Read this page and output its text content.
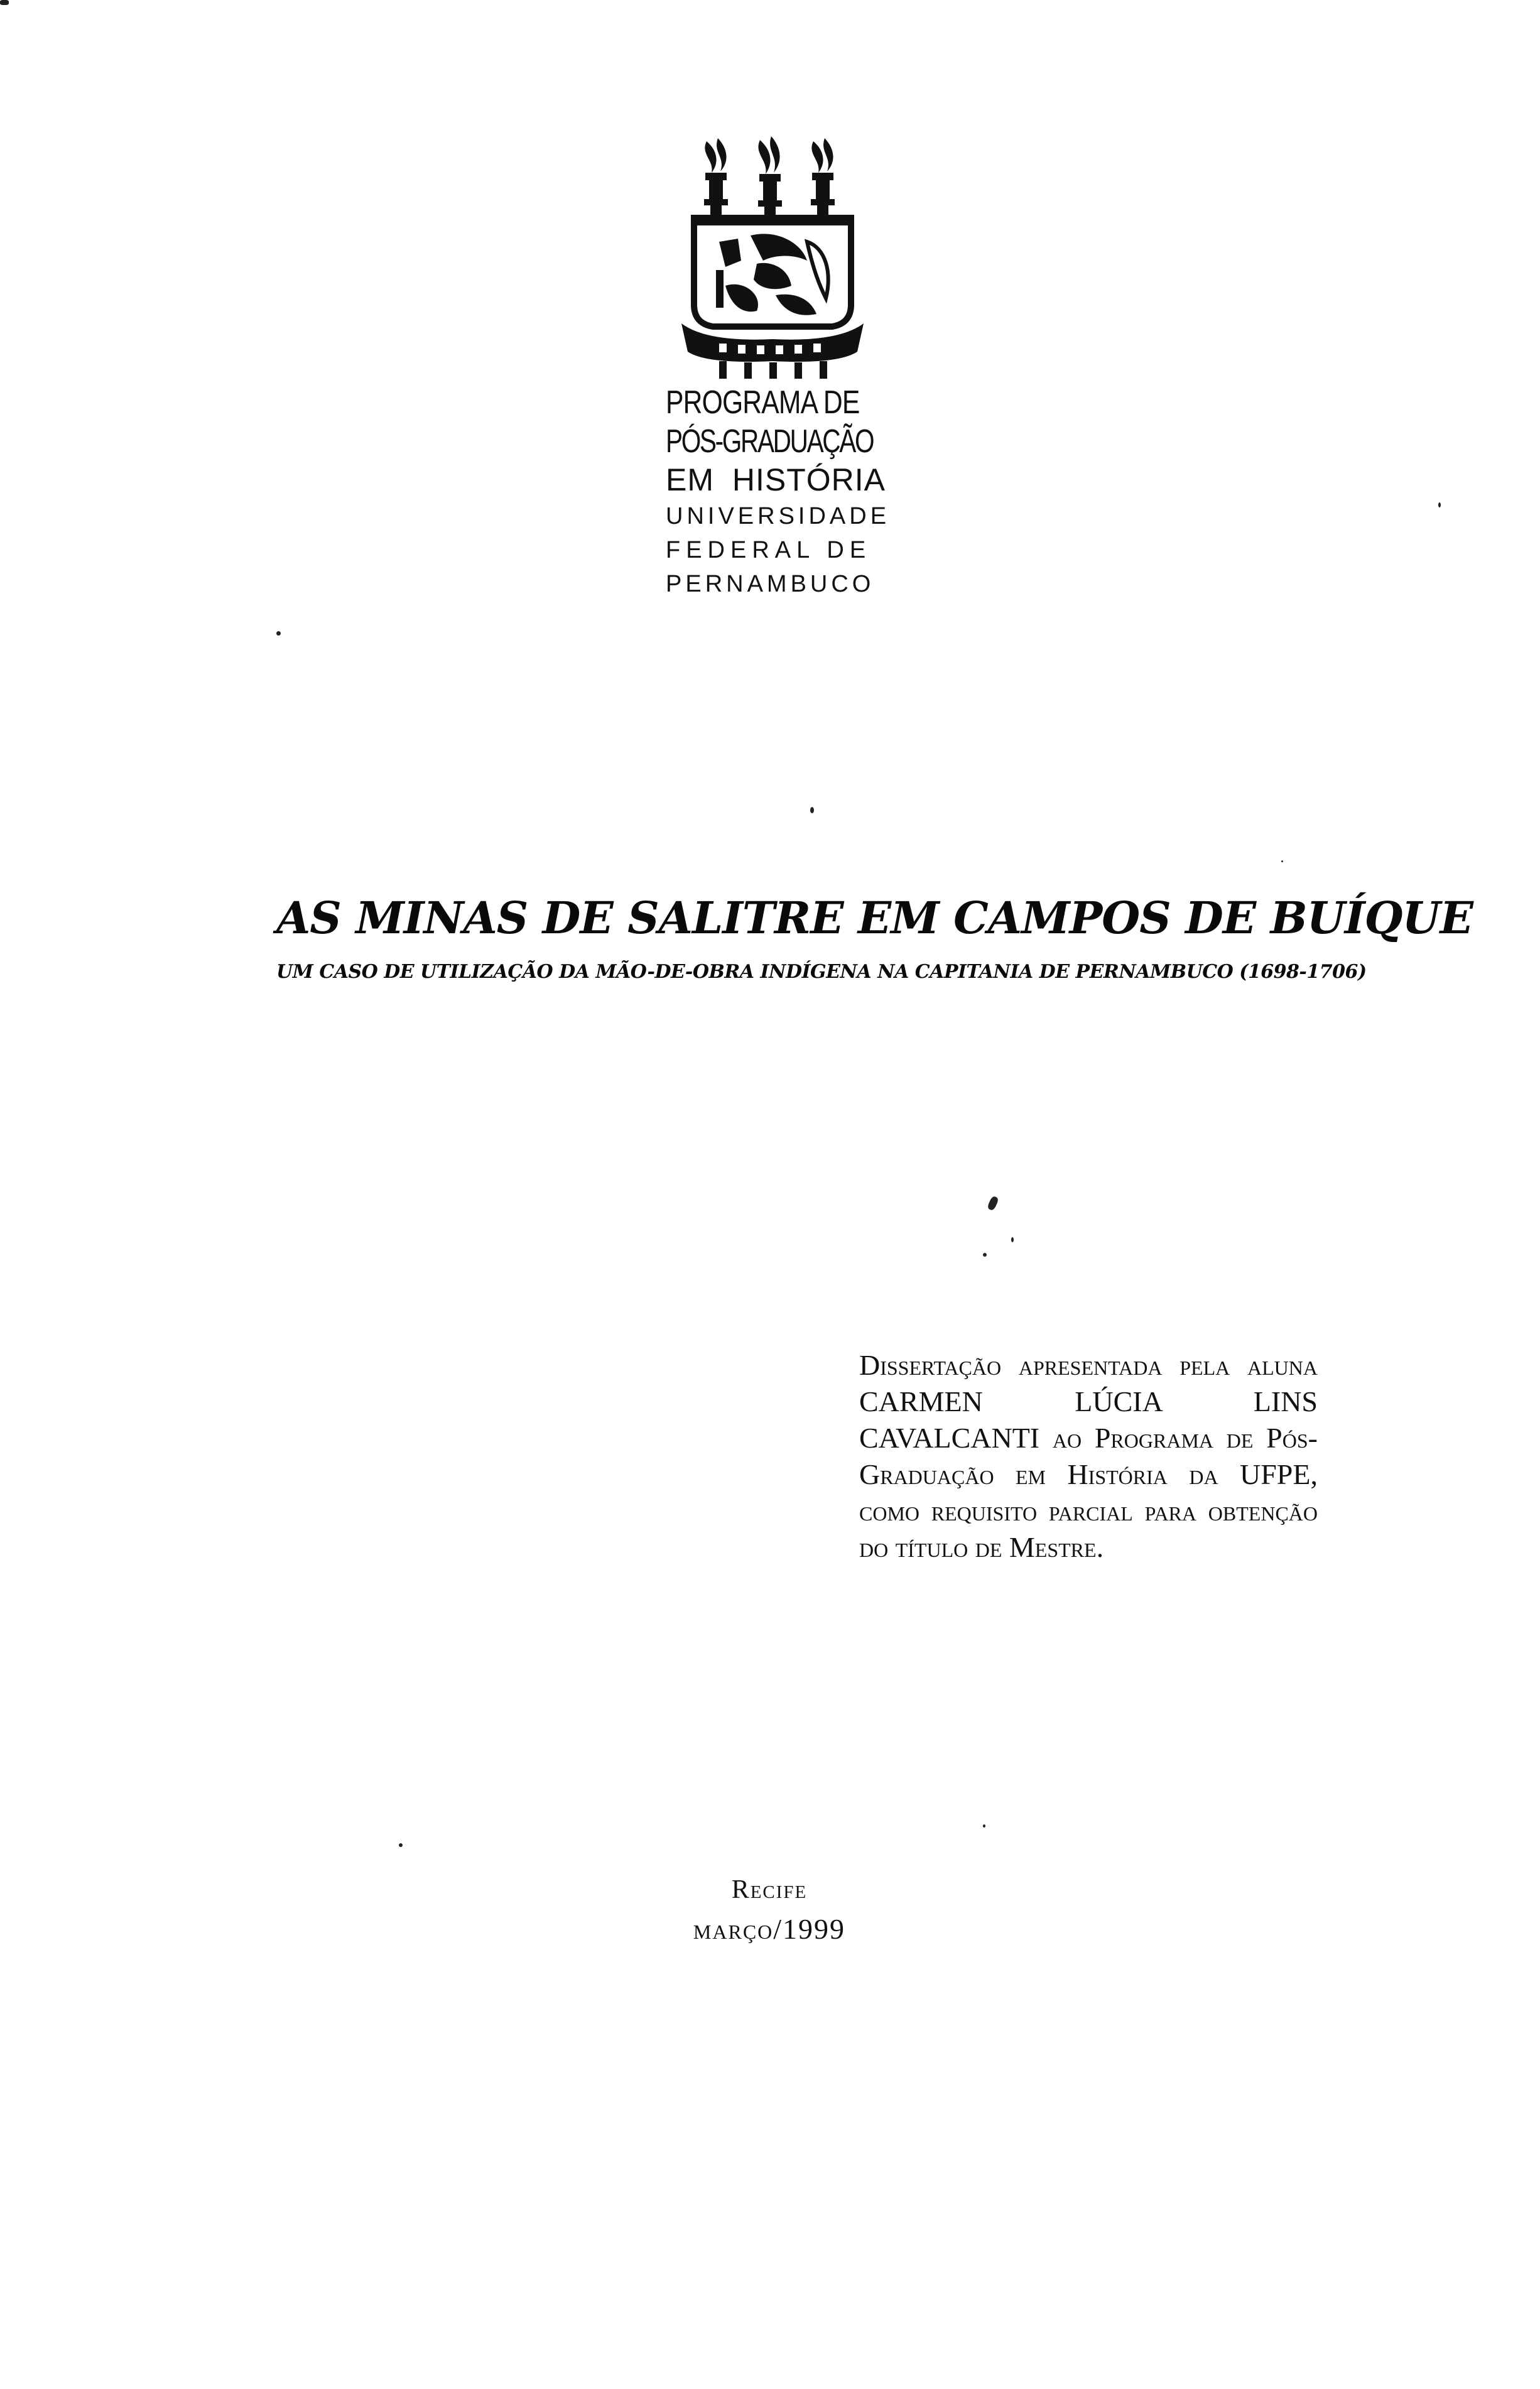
PROGRAMA DE
PÓS-GRADUAÇÃO
EM HISTÓRIA
UNIVERSIDADE
FEDERAL DE
PERNAMBUCO
AS MINAS DE SALITRE EM CAMPOS DE BUÍQUE
UM CASO DE UTILIZAÇÃO DA MÃO-DE-OBRA INDÍGENA NA CAPITANIA DE PERNAMBUCO (1698-1706)
Dissertação apresentada pela aluna CARMEN LÚCIA LINS CAVALCANTI ao Programa de Pós-Graduação em História da UFPE, como requisito parcial para obtenção do título de Mestre.
Recife
março/1999
